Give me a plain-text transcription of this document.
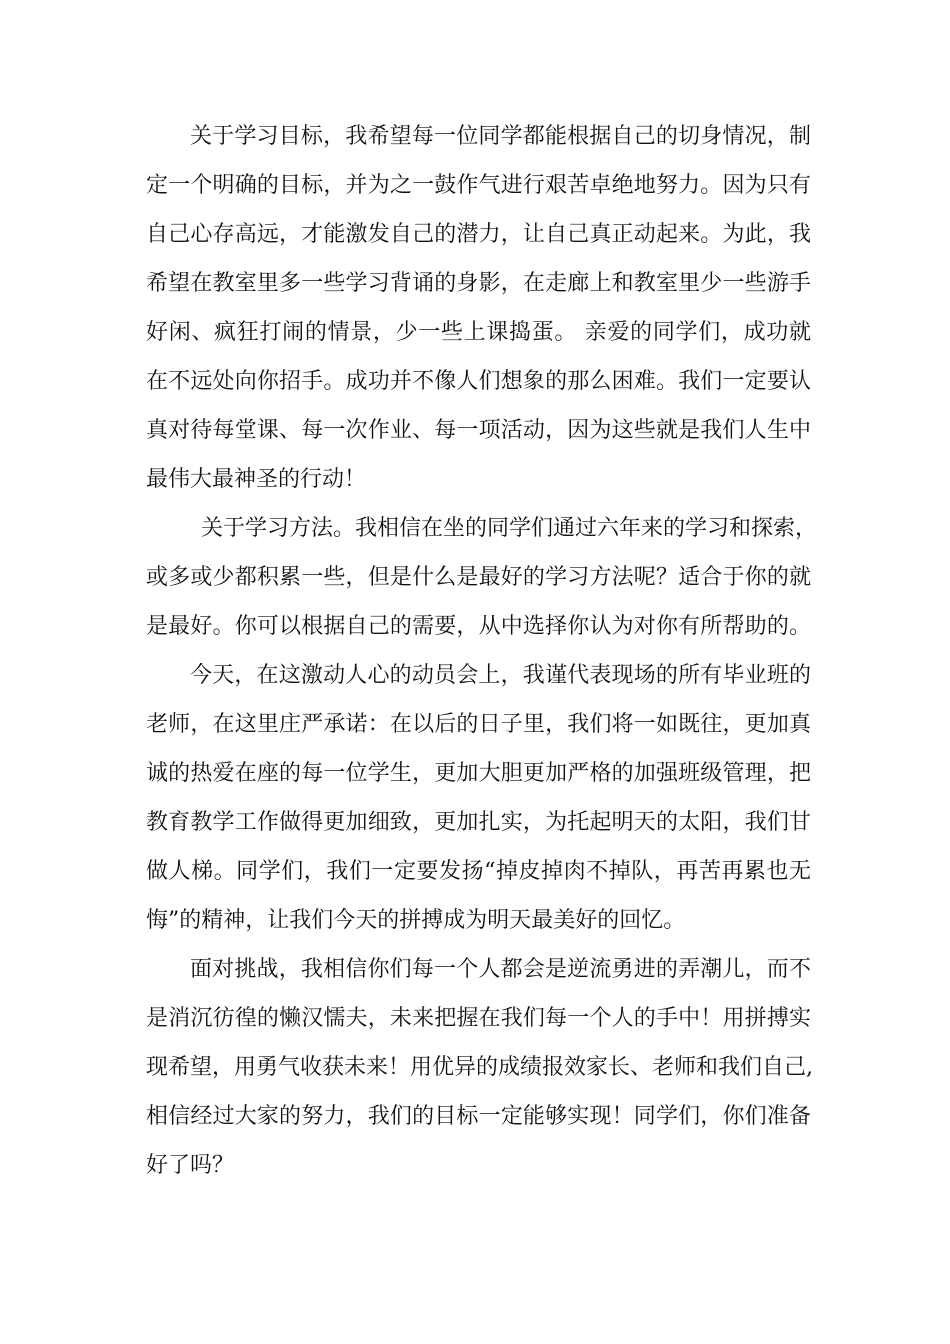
关于学习目标，我希望每一位同学都能根据自己的切身情况，制
定一个明确的目标，并为之一鼓作气进行艰苦卓绝地努力。因为只有
自己心存高远，才能激发自己的潜力，让自己真正动起来。为此，我
希望在教室里多一些学习背诵的身影，在走廊上和教室里少一些游手
好闲、疯狂打闹的情景，少一些上课捣蛋。 亲爱的同学们，成功就
在不远处向你招手。成功并不像人们想象的那么困难。我们一定要认
真对待每堂课、每一次作业、每一项活动，因为这些就是我们人生中
最伟大最神圣的行动！
关于学习方法。我相信在坐的同学们通过六年来的学习和探索，
或多或少都积累一些，但是什么是最好的学习方法呢？适合于你的就
是最好。你可以根据自己的需要，从中选择你认为对你有所帮助的。
今天，在这激动人心的动员会上，我谨代表现场的所有毕业班的
老师，在这里庄严承诺：在以后的日子里，我们将一如既往，更加真
诚的热爱在座的每一位学生，更加大胆更加严格的加强班级管理，把
教育教学工作做得更加细致，更加扎实，为托起明天的太阳，我们甘
做人梯。同学们，我们一定要发扬“掉皮掉肉不掉队，再苦再累也无
悔”的精神，让我们今天的拼搏成为明天最美好的回忆。
面对挑战，我相信你们每一个人都会是逆流勇进的弄潮儿，而不
是消沉彷徨的懒汉懦夫，未来把握在我们每一个人的手中！用拼搏实
现希望，用勇气收获未来！用优异的成绩报效家长、老师和我们自己,
相信经过大家的努力，我们的目标一定能够实现！同学们，你们准备
好了吗？
